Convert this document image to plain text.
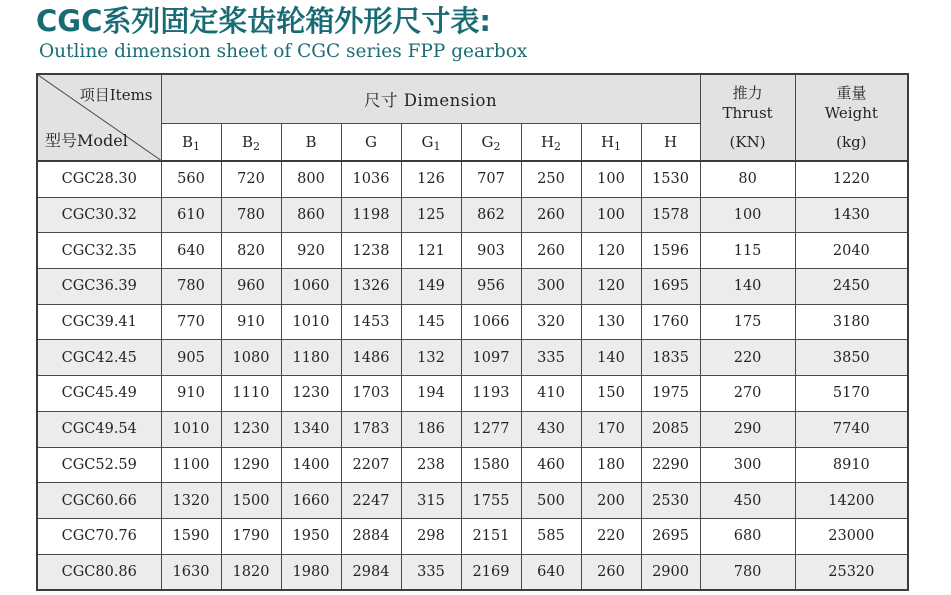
CGC系列固定桨齿轮箱外形尺寸表:
Outline dimension sheet of CGC series FPP gearbox
项目Items
型号Model
	尺寸 Dimension	推力
Thrust
(KN)

重量
Weight
(kg)

	$B_1$	$B_2$	B	G	$G_1$	$G_2$	$H_2$	$H_1$	H		
CGC28.30	560	720	800	1036	126	707	250	100	1530	80	1220
CGC30.32	610	780	860	1198	125	862	260	100	1578	100	1430
CGC32.35	640	820	920	1238	121	903	260	120	1596	115	2040
CGC36.39	780	960	1060	1326	149	956	300	120	1695	140	2450
CGC39.41	770	910	1010	1453	145	1066	320	130	1760	175	3180
CGC42.45	905	1080	1180	1486	132	1097	335	140	1835	220	3850
CGC45.49	910	1110	1230	1703	194	1193	410	150	1975	270	5170
CGC49.54	1010	1230	1340	1783	186	1277	430	170	2085	290	7740
CGC52.59	1100	1290	1400	2207	238	1580	460	180	2290	300	8910
CGC60.66	1320	1500	1660	2247	315	1755	500	200	2530	450	14200
CGC70.76	1590	1790	1950	2884	298	2151	585	220	2695	680	23000
CGC80.86	1630	1820	1980	2984	335	2169	640	260	2900	780	25320
